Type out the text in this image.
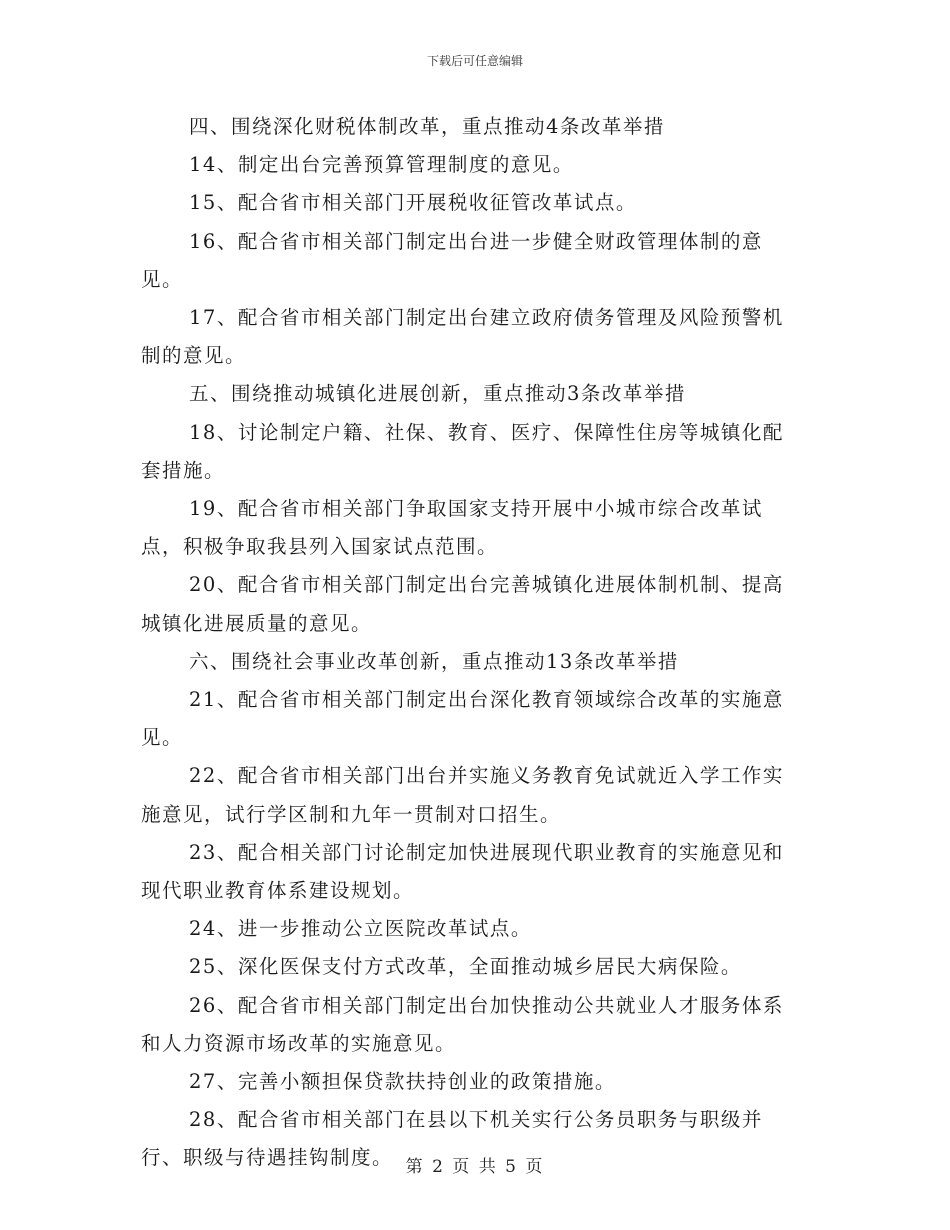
下载后可任意编辑

四、围绕深化财税体制改革，重点推动4条改革举措

14、制定出台完善预算管理制度的意见。

15、配合省市相关部门开展税收征管改革试点。

16、配合省市相关部门制定出台进一步健全财政管理体制的意见。

17、配合省市相关部门制定出台建立政府债务管理及风险预警机制的意见。

五、围绕推动城镇化进展创新，重点推动3条改革举措

18、讨论制定户籍、社保、教育、医疗、保障性住房等城镇化配套措施。

19、配合省市相关部门争取国家支持开展中小城市综合改革试点，积极争取我县列入国家试点范围。

20、配合省市相关部门制定出台完善城镇化进展体制机制、提高城镇化进展质量的意见。

六、围绕社会事业改革创新，重点推动13条改革举措

21、配合省市相关部门制定出台深化教育领域综合改革的实施意见。

22、配合省市相关部门出台并实施义务教育免试就近入学工作实施意见，试行学区制和九年一贯制对口招生。

23、配合相关部门讨论制定加快进展现代职业教育的实施意见和现代职业教育体系建设规划。

24、进一步推动公立医院改革试点。

25、深化医保支付方式改革，全面推动城乡居民大病保险。

26、配合省市相关部门制定出台加快推动公共就业人才服务体系和人力资源市场改革的实施意见。

27、完善小额担保贷款扶持创业的政策措施。

28、配合省市相关部门在县以下机关实行公务员职务与职级并行、职级与待遇挂钩制度。 第 2 页 共 5 页
